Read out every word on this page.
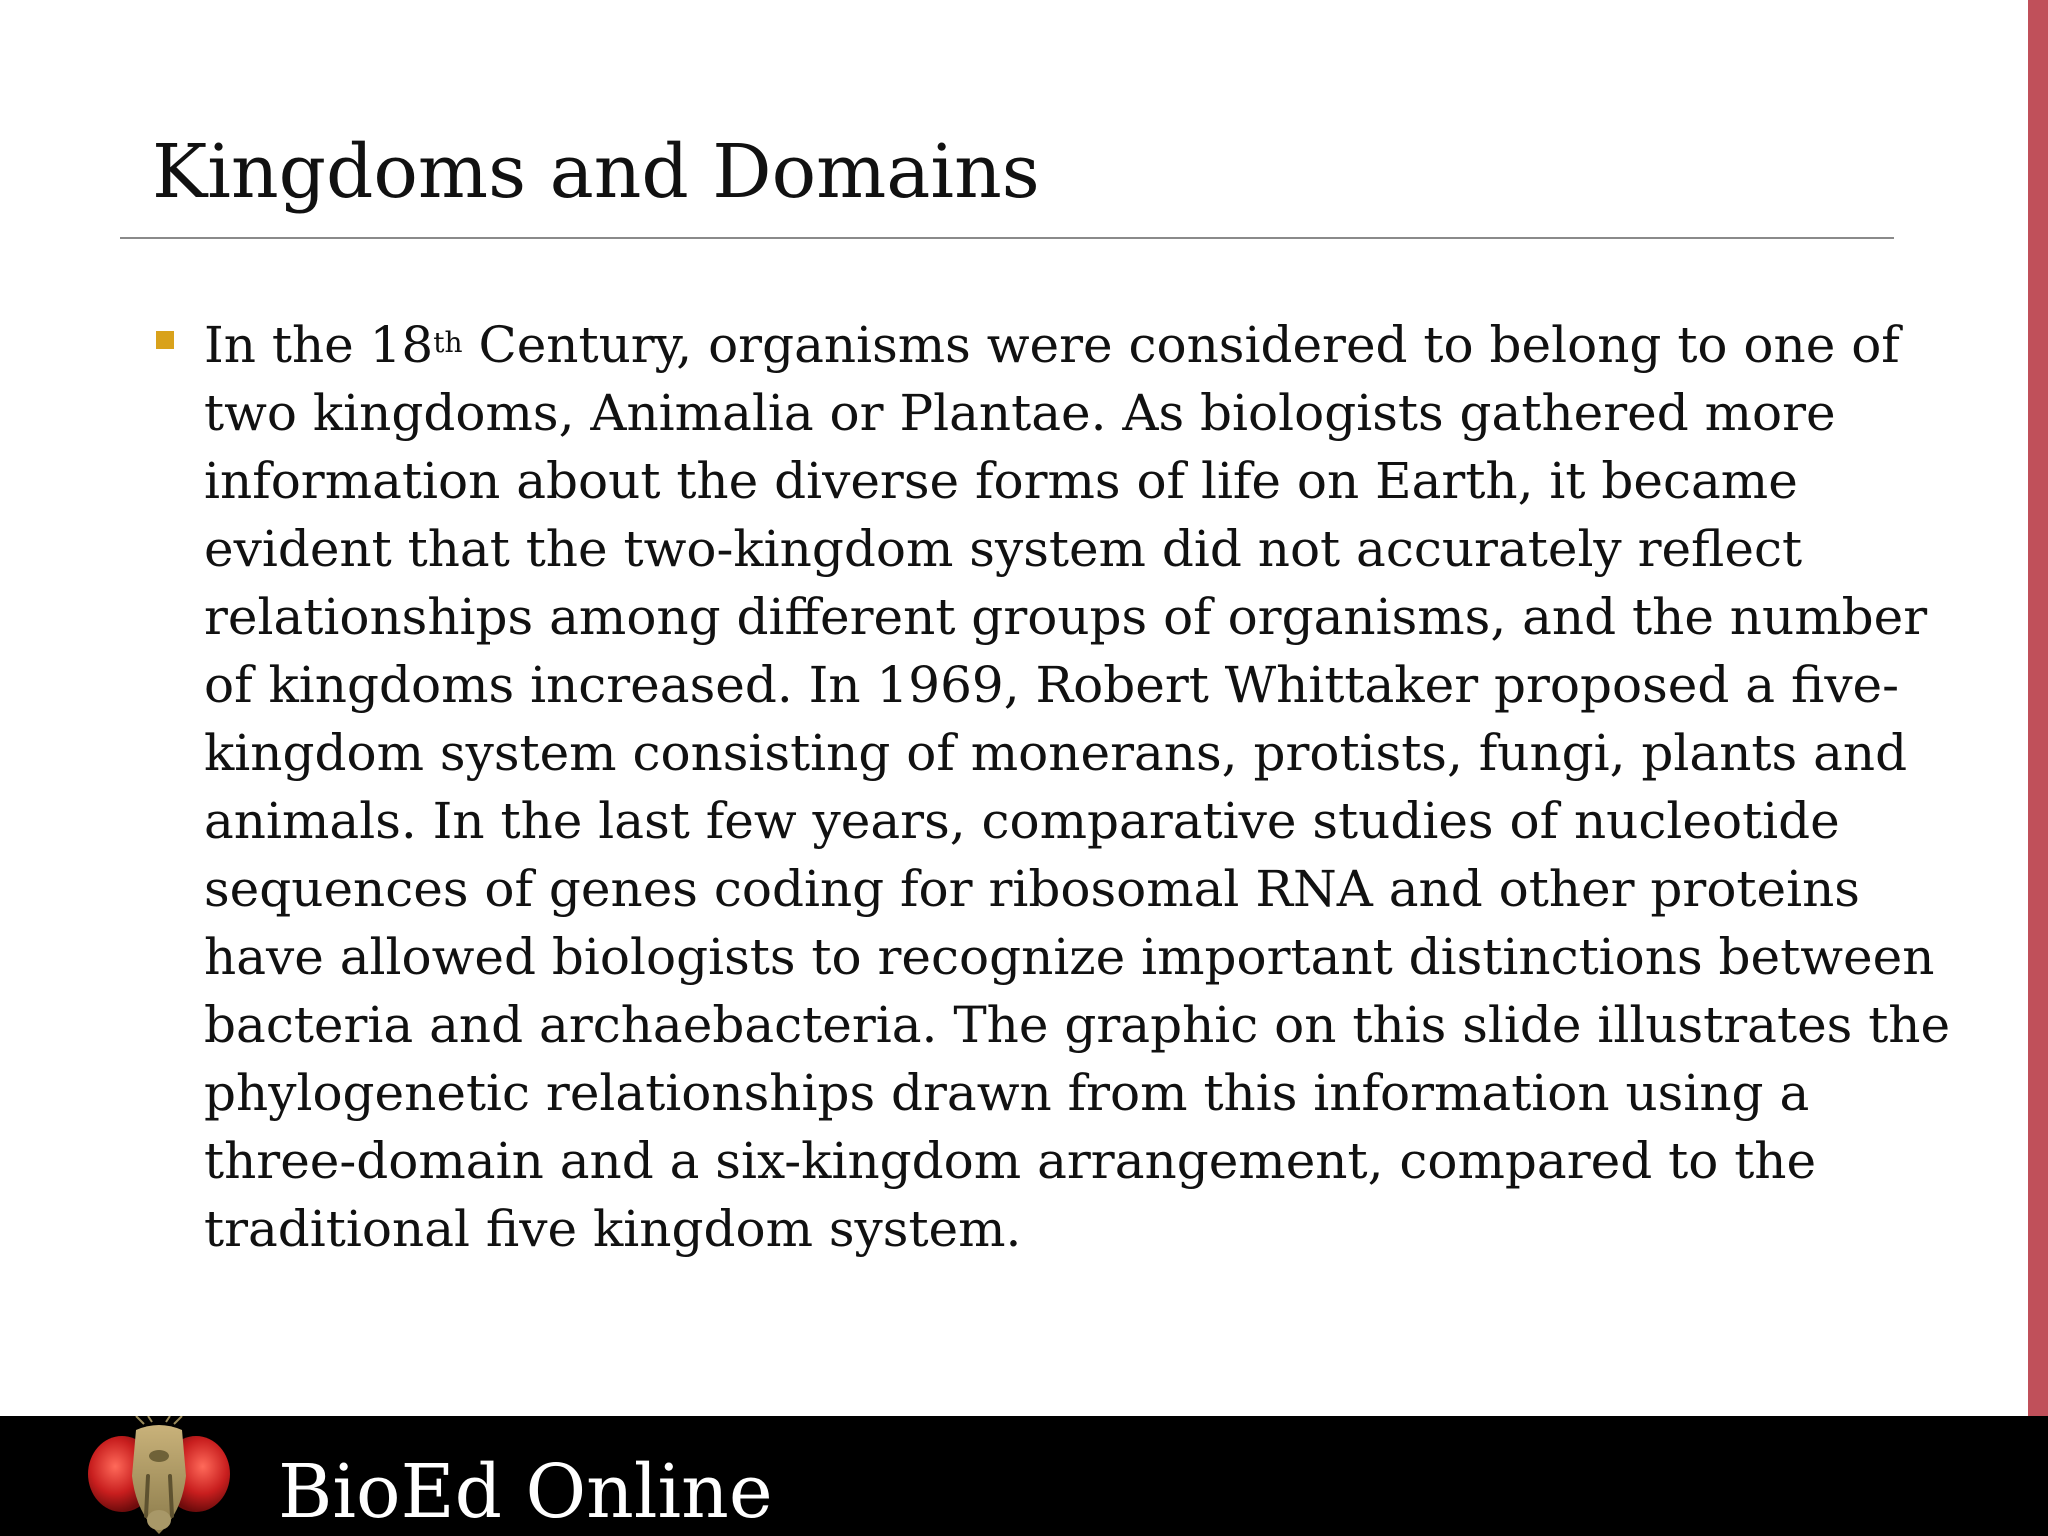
Kingdoms and Domains
In the 18th Century, organisms were considered to belong to one of
two kingdoms, Animalia or Plantae. As biologists gathered more
information about the diverse forms of life on Earth, it became
evident that the two-kingdom system did not accurately reflect
relationships among different groups of organisms, and the number
of kingdoms increased. In 1969, Robert Whittaker proposed a five-
kingdom system consisting of monerans, protists, fungi, plants and
animals. In the last few years, comparative studies of nucleotide
sequences of genes coding for ribosomal RNA and other proteins
have allowed biologists to recognize important distinctions between
bacteria and archaebacteria. The graphic on this slide illustrates the
phylogenetic relationships drawn from this information using a
three-domain and a six-kingdom arrangement, compared to the
traditional five kingdom system.
BioEd Online
